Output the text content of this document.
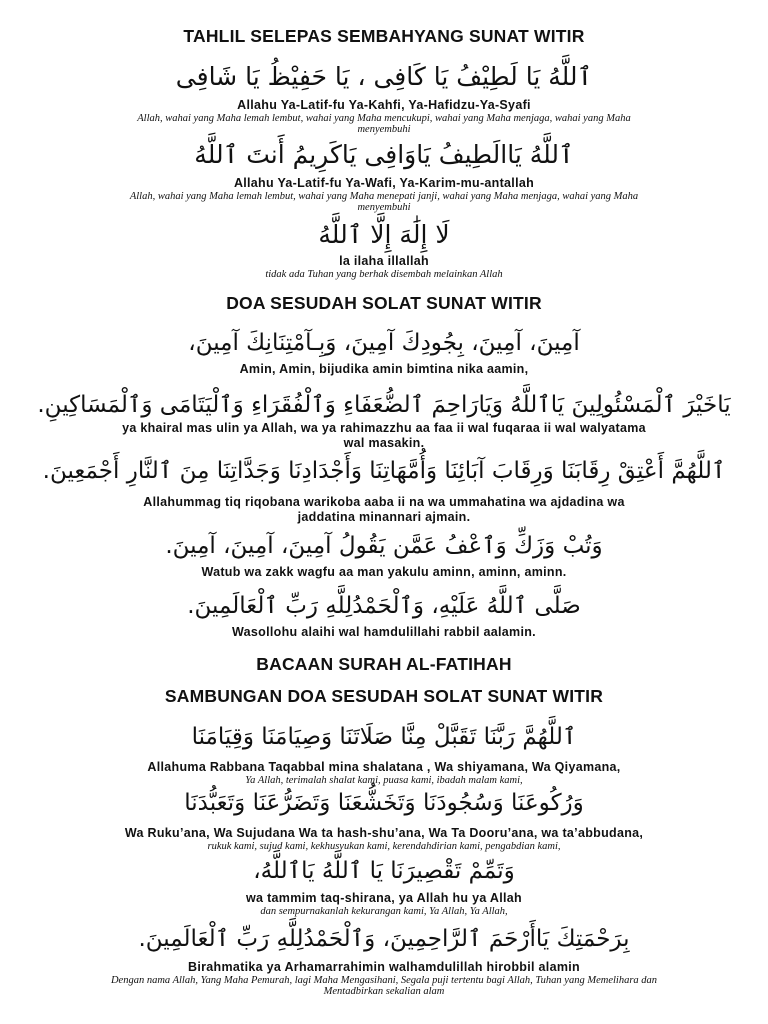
TAHLIL SELEPAS SEMBAHYANG SUNAT WITIR
ٱللَّهُ يَا لَطِيْفُ يَا كَافِى ، يَا حَفِيْظُ يَا شَافِى
Allahu Ya-Latif-fu Ya-Kahfi, Ya-Hafidzu-Ya-Syafi
Allah, wahai yang Maha lemah lembut, wahai yang Maha mencukupi, wahai yang Maha menjaga, wahai yang Maha menyembuhi
ٱللَّهُ يَاالَطِيفُ يَاوَافِى يَاكَرِيمُ أَنتَ ٱللَّهُ
Allahu Ya-Latif-fu Ya-Wafi, Ya-Karim-mu-antallah
Allah, wahai yang Maha lemah lembut, wahai yang Maha menepati janji, wahai yang Maha menjaga, wahai yang Maha menyembuhi
لَا إِلَٰهَ إِلَّا ٱللَّهُ
la ilaha illallah
tidak ada Tuhan yang berhak disembah melainkan Allah
DOA SESUDAH SOLAT SUNAT WITIR
آمِينَ، آمِينَ، بِجُودِكَ آمِينَ، وَبِـآمْتِنَانِكَ آمِينَ،
Amin, Amin, bijudika amin bimtina nika aamin,
يَاخَيْرَ ٱلْمَسْئُولِينَ يَاٱللَّهُ وَيَارَاحِمَ ٱلضُّعَفَاءِ وَٱلْفُقَرَاءِ وَٱلْيَتَامَى وَٱلْمَسَاكِينِ.
ya khairal mas ulin ya Allah, wa ya rahimazzhu aa faa ii wal fuqaraa ii wal walyatama wal masakin.
ٱللَّهُمَّ أَعْتِقْ رِقَابَنَا وَرِقَابَ آبَائِنَا وَأُمَّهَاتِنَا وَأَجْدَادِنَا وَجَدَّاتِنَا مِنَ ٱلنَّارِ أَجْمَعِينَ.
Allahummag tiq riqobana warikoba aaba ii na wa ummahatina wa ajdadina wa jaddatina minannari ajmain.
وَتُبْ وَزَكِّ وَٱعْفُ عَمَّن يَقُولُ آمِينَ، آمِينَ، آمِينَ.
Watub wa zakk wagfu aa man yakulu aminn, aminn, aminn.
صَلَّى ٱللَّهُ عَلَيْهِ، وَٱلْحَمْدُلِلَّهِ رَبِّ ٱلْعَالَمِينَ.
Wasollohu alaihi wal hamdulillahi rabbil aalamin.
BACAAN SURAH AL-FATIHAH
SAMBUNGAN DOA SESUDAH SOLAT SUNAT WITIR
ٱللَّهُمَّ رَبَّنَا تَقَبَّلْ مِنَّا صَلَاتَنَا وَصِيَامَنَا وَقِيَامَنَا
Allahuma Rabbana Taqabbal mina shalatana , Wa shiyamana, Wa Qiyamana,
Ya Allah, terimalah shalat kami, puasa kami, ibadah malam kami,
وَرُكُوعَنَا وَسُجُودَنَا وَتَخَشُّعَنَا وَتَضَرُّعَنَا وَتَعَبُّدَنَا
Wa Ruku’ana, Wa Sujudana Wa ta hash-shu’ana, Wa Ta Dooru’ana, wa ta’abbudana,
rukuk kami, sujud kami, kekhusyukan kami, kerendahdirian kami, pengabdian kami,
وَتَمِّمْ تَقْصِيرَنَا يَا ٱللَّهُ يَاٱللَّهُ،
wa tammim taq-shirana, ya Allah hu ya Allah
dan sempurnakanlah kekurangan kami, Ya Allah, Ya Allah,
بِرَحْمَتِكَ يَاأَرْحَمَ ٱلرَّاحِمِينَ، وَٱلْحَمْدُلِلَّهِ رَبِّ ٱلْعَالَمِينَ.
Birahmatika ya Arhamarrahimin walhamdulillah hirobbil alamin
Dengan nama Allah, Yang Maha Pemurah, lagi Maha Mengasihani, Segala puji tertentu bagi Allah, Tuhan yang Memelihara dan Mentadbirkan sekalian alam
